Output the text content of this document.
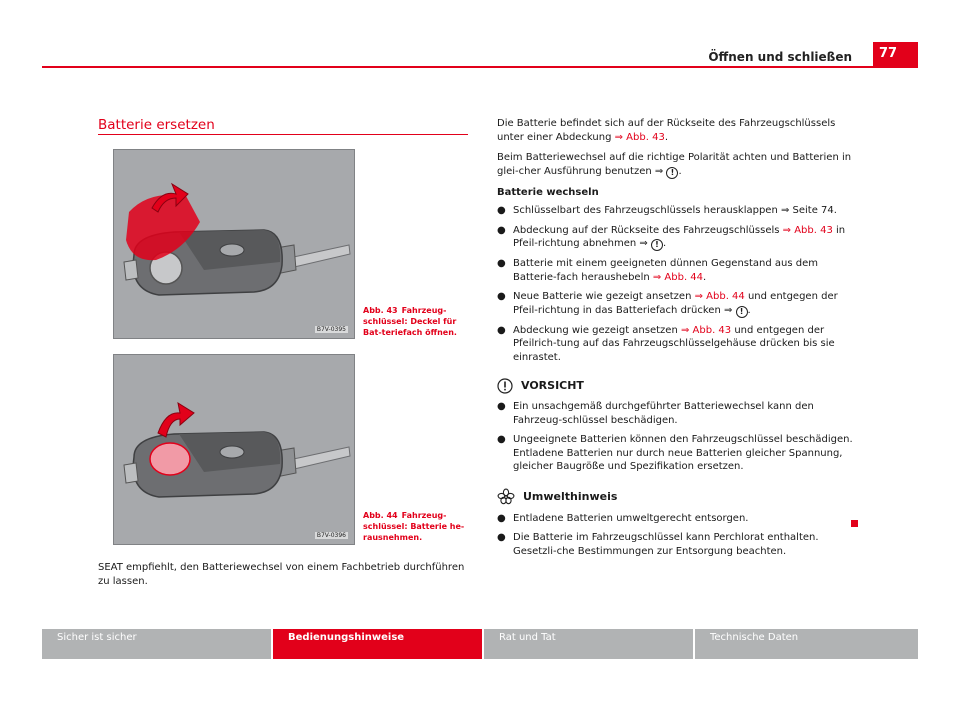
Öffnen und schließen	77
Batterie ersetzen
B7V-0395
Abb. 43 Fahrzeug-schlüssel: Deckel für Bat-teriefach öffnen.
B7V-0396
Abb. 44 Fahrzeug-schlüssel: Batterie he-rausnehmen.
SEAT empfiehlt, den Batteriewechsel von einem Fachbetrieb durchführen zu lassen.

Die Batterie befindet sich auf der Rückseite des Fahrzeugschlüssels unter einer Abdeckung ⇒ Abb. 43.

Beim Batteriewechsel auf die richtige Polarität achten und Batterien in glei-cher Ausführung benutzen ⇒ ! .

Batterie wechseln

● Schlüsselbart des Fahrzeugschlüssels herausklappen ⇒ Seite 74.
● Abdeckung auf der Rückseite des Fahrzeugschlüssels ⇒ Abb. 43 in Pfeil-richtung abnehmen ⇒ ! .
● Batterie mit einem geeigneten dünnen Gegenstand aus dem Batterie-fach heraushebeln ⇒ Abb. 44.
● Neue Batterie wie gezeigt ansetzen ⇒ Abb. 44 und entgegen der Pfeil-richtung in das Batteriefach drücken ⇒ ! .
● Abdeckung wie gezeigt ansetzen ⇒ Abb. 43 und entgegen der Pfeilrich-tung auf das Fahrzeugschlüsselgehäuse drücken bis sie einrastet.
VORSICHT
● Ein unsachgemäß durchgeführter Batteriewechsel kann den Fahrzeug-schlüssel beschädigen.
● Ungeeignete Batterien können den Fahrzeugschlüssel beschädigen. Entladene Batterien nur durch neue Batterien gleicher Spannung, gleicher Baugröße und Spezifikation ersetzen.
Umwelthinweis
● Entladene Batterien umweltgerecht entsorgen.
● Die Batterie im Fahrzeugschlüssel kann Perchlorat enthalten. Gesetzli-che Bestimmungen zur Entsorgung beachten.
Sicher ist sicher	Bedienungshinweise	Rat und Tat	Technische Daten
